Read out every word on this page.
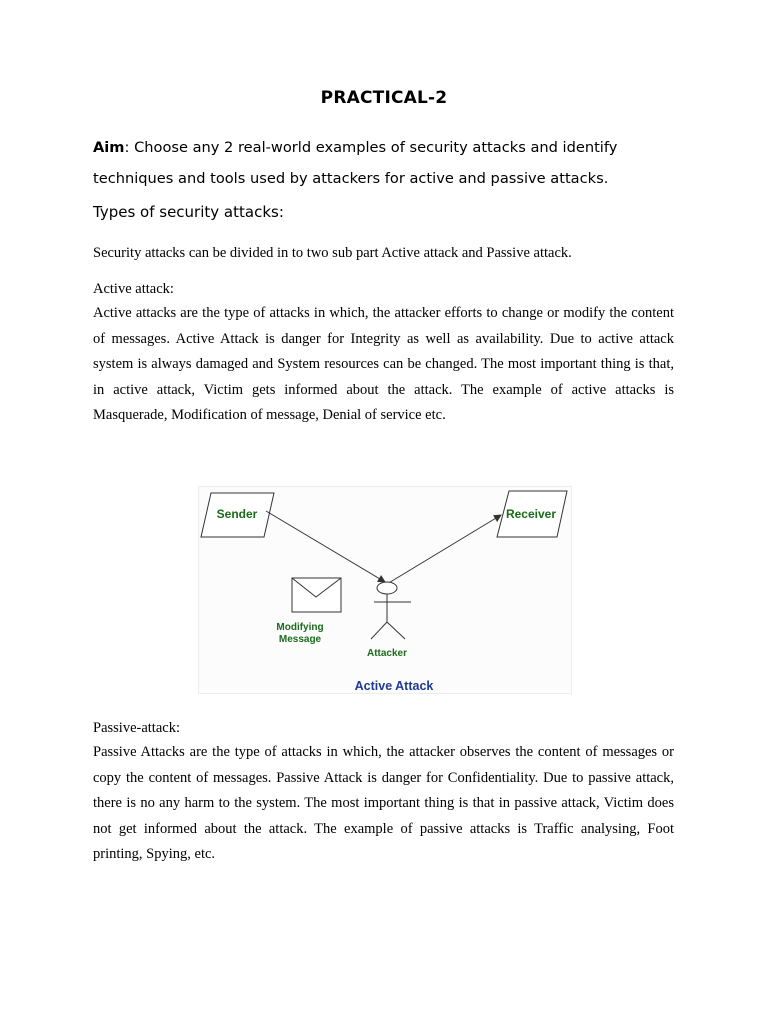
PRACTICAL-2
Aim: Choose any 2 real-world examples of security attacks and identify techniques and tools used by attackers for active and passive attacks.
Types of security attacks:
Security attacks can be divided in to two sub part Active attack and Passive attack.
Active attack:
Active attacks are the type of attacks in which, the attacker efforts to change or modify the content of messages. Active Attack is danger for Integrity as well as availability. Due to active attack system is always damaged and System resources can be changed. The most important thing is that, in active attack, Victim gets informed about the attack. The example of active attacks is Masquerade, Modification of message, Denial of service etc.
Sender	Receiver
Modifying
Message
Attacker
Active Attack
Passive-attack:
Passive Attacks are the type of attacks in which, the attacker observes the content of messages or copy the content of messages. Passive Attack is danger for Confidentiality. Due to passive attack, there is no any harm to the system. The most important thing is that in passive attack, Victim does not get informed about the attack. The example of passive attacks is Traffic analysing, Foot printing, Spying, etc.
